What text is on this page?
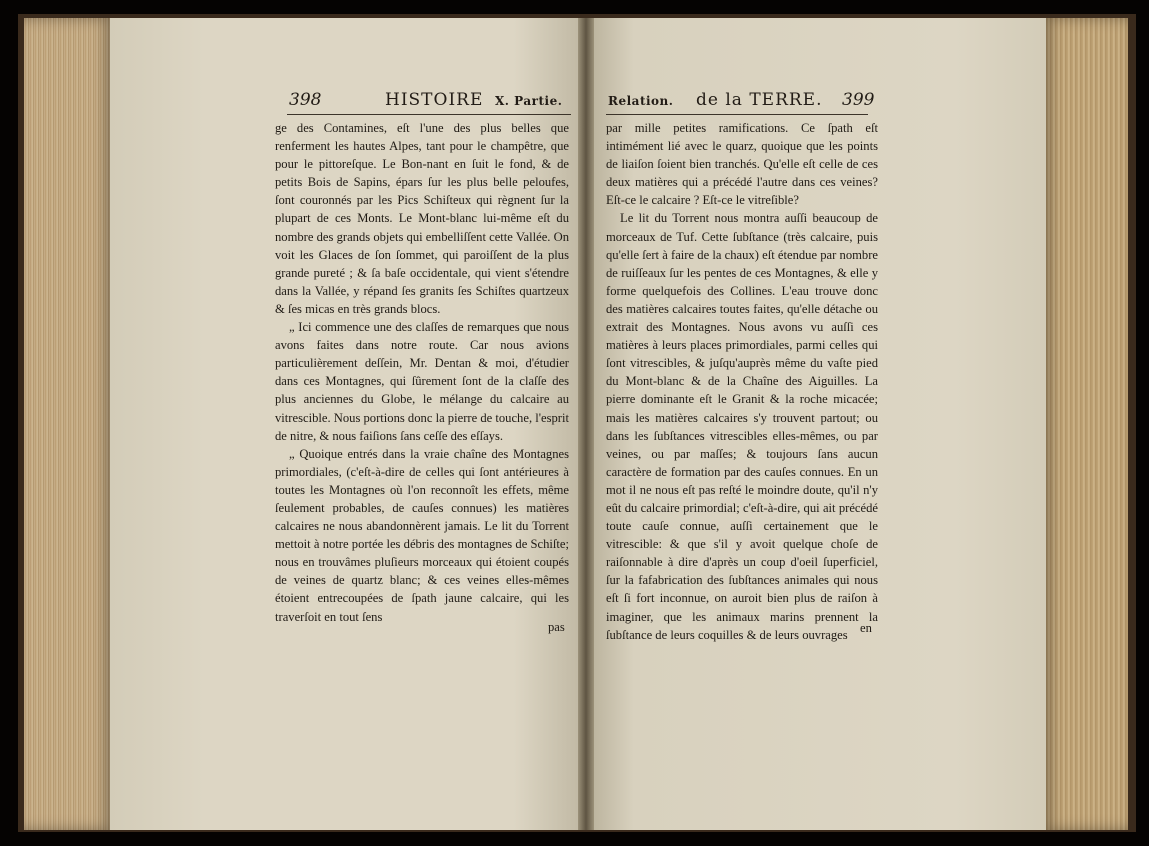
398	HISTOIRE X. Partie.	Relation. de la TERRE. 399

ge des Contamines, eſt l'une des plus belles que renferment les hautes Alpes, tant pour le champêtre, que pour le pittoreſque. Le Bon-nant en ſuit le fond, & de petits Bois de Sapins, épars ſur les plus belle peloufes, ſont couronnés par les Pics Schiſteux qui règnent ſur la plupart de ces Monts. Le Mont-blanc lui-même eſt du nombre des grands objets qui embelliſſent cette Vallée. On voit les Glaces de ſon ſommet, qui paroiſſent de la plus grande pureté ; & ſa baſe occidentale, qui vient s'étendre dans la Vallée, y répand ſes granits ſes Schiſtes quartzeux & ſes micas en très grands blocs.

„ Ici commence une des claſſes de remarques que nous avons faites dans notre route. Car nous avions particulièrement deſſein, Mr. Dentan & moi, d'étudier dans ces Montagnes, qui ſûrement ſont de la claſſe des plus anciennes du Globe, le mélange du calcaire au vitrescible. Nous portions donc la pierre de touche, l'esprit de nitre, & nous faiſions ſans ceſſe des eſſays.

„ Quoique entrés dans la vraie chaîne des Montagnes primordiales, (c'eſt-à-dire de celles qui ſont antérieures à toutes les Montagnes où l'on reconnoît les effets, même ſeulement probables, de cauſes connues) les matières calcaires ne nous abandonnèrent jamais. Le lit du Torrent mettoit à notre portée les débris des montagnes de Schiſte; nous en trouvâmes pluſieurs morceaux qui étoient coupés de veines de quartz blanc; & ces veines elles-mêmes étoient entrecoupées de ſpath jaune calcaire, qui les traverſoit en tout ſens

pas

par mille petites ramifications. Ce ſpath eſt intimément lié avec le quarz, quoique que les points de liaiſon ſoient bien tranchés. Qu'elle eſt celle de ces deux matières qui a précédé l'autre dans ces veines? Eſt-ce le calcaire ? Eſt-ce le vitreſible?

Le lit du Torrent nous montra auſſi beaucoup de morceaux de Tuf. Cette ſubſtance (très calcaire, puis qu'elle ſert à faire de la chaux) eſt étendue par nombre de ruiſſeaux ſur les pentes de ces Montagnes, & elle y forme quelquefois des Collines. L'eau trouve donc des matières calcaires toutes faites, qu'elle détache ou extrait des Montagnes. Nous avons vu auſſi ces matières à leurs places primordiales, parmi celles qui ſont vitrescibles, & juſqu'auprès même du vaſte pied du Mont-blanc & de la Chaîne des Aiguilles. La pierre dominante eſt le Granit & la roche micacée; mais les matières calcaires s'y trouvent partout; ou dans les ſubſtances vitrescibles elles-mêmes, ou par veines, ou par maſſes; & toujours ſans aucun caractère de formation par des cauſes connues. En un mot il ne nous eſt pas reſté le moindre doute, qu'il n'y eût du calcaire primordial; c'eſt-à-dire, qui ait précédé toute cauſe connue, auſſi certainement que le vitrescible: & que s'il y avoit quelque choſe de raiſonnable à dire d'après un coup d'oeil ſuperficiel, ſur la fafabrication des ſubſtances animales qui nous eſt ſi fort inconnue, on auroit bien plus de raiſon à imaginer, que les animaux marins prennent la ſubſtance de leurs coquilles & de leurs ouvrages en
